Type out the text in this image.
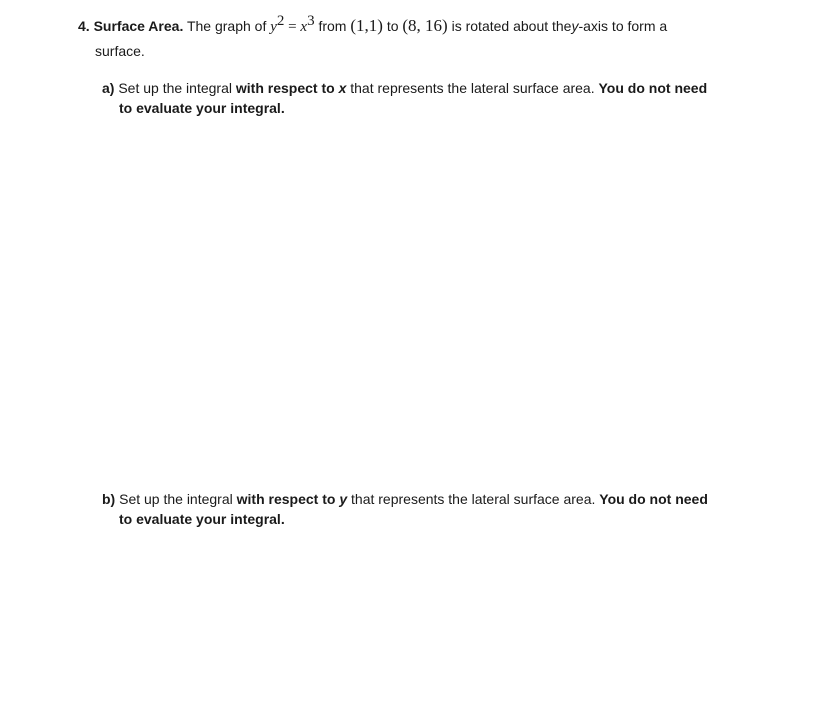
4. Surface Area. The graph of $y^2 = x^3$ from (1,1) to (8, 16) is rotated about they-axis to form a
surface.
a) Set up the integral with respect to x that represents the lateral surface area. You do not need
to evaluate your integral.
b) Set up the integral with respect to y that represents the lateral surface area. You do not need
to evaluate your integral.
